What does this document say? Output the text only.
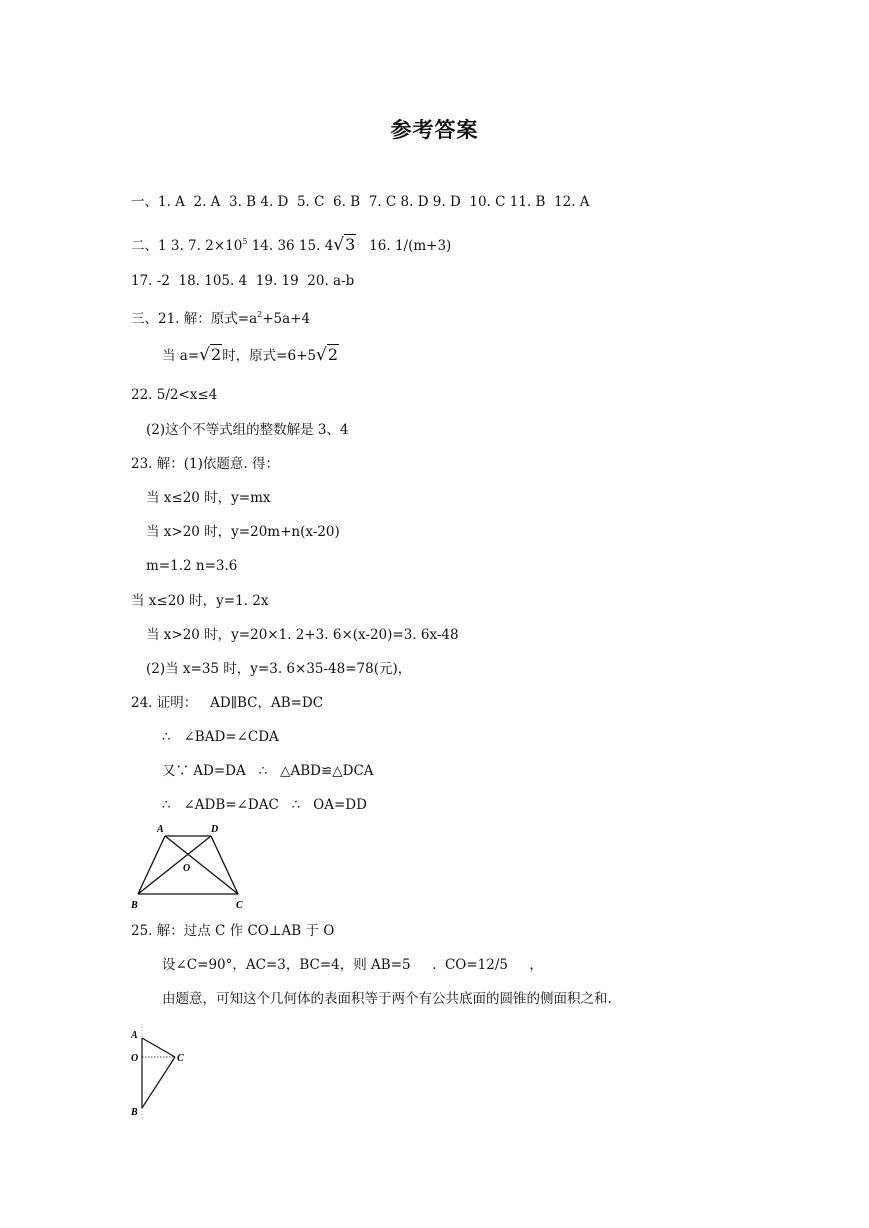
参考答案
一、1. A  2. A  3. B 4. D  5. C  6. B  7. C 8. D 9. D  10. C 11. B  12. A
二、1 3. 7. $2\times 10^5$ 14. 36 15. 4√3   16. 1/(m+3)
17. -2  18. 105. 4  19. 19  20. a-b
三、21. 解：原式$=a^2+5a+4$
当 a=√2时，原式=6+5√2
22. 5/2<x≤4
(2)这个不等式组的整数解是 3、4
23. 解：(1)依题意. 得：
当 x≤20 时，y=mx
当 x>20 时，y=20m+n(x-20)
m=1.2 n=3.6
当 x≤20 时，y=1. 2x
当 x>20 时，y=20×1. 2+3. 6×(x-20)=3. 6x-48
(2)当 x=35 时，y=3. 6×35-48=78(元)，
24. 证明：   AD∥BC，AB=DC
∴   ∠BAD=∠CDA
又∵ AD=DA   ∴   △ABD≌△DCA
∴   ∠ADB=∠DAC   ∴   OA=DD
A	D
O
B	C
25. 解：过点 C 作 CO⊥AB 于 O
设∠C=90°，AC=3，BC=4，则 AB=5     .  CO=12/5     ，
由题意，可知这个几何体的表面积等于两个有公共底面的圆锥的侧面积之和.
A
O	C
B
